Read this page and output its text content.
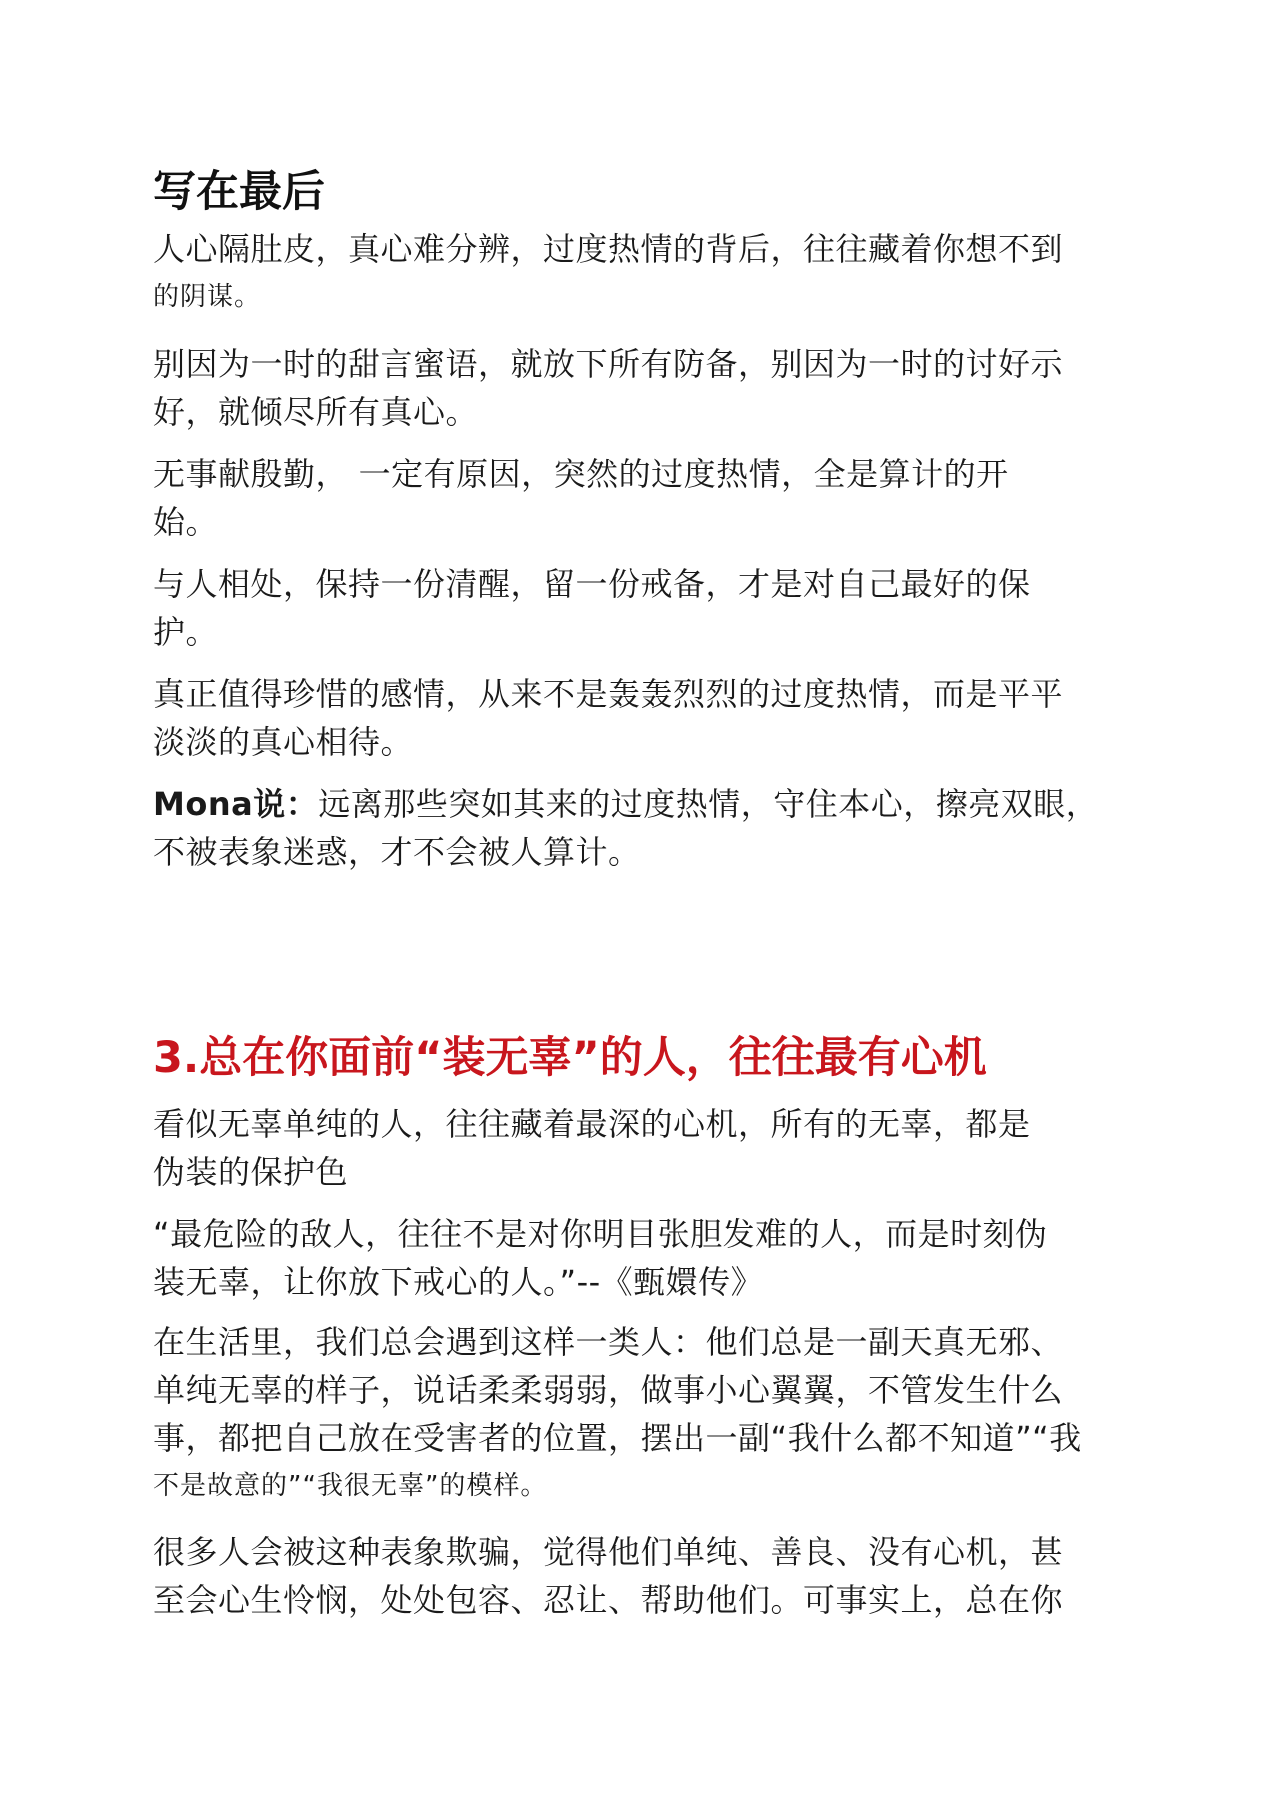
写在最后

人心隔肚皮，真心难分辨，过度热情的背后，往往藏着你想不到
的阴谋。

别因为一时的甜言蜜语，就放下所有防备，别因为一时的讨好示
好，就倾尽所有真心。

无事献殷勤， 一定有原因，突然的过度热情，全是算计的开
始。

与人相处，保持一份清醒，留一份戒备，才是对自己最好的保
护。

真正值得珍惜的感情，从来不是轰轰烈烈的过度热情，而是平平
淡淡的真心相待。

Mona说：远离那些突如其来的过度热情，守住本心，擦亮双眼，
不被表象迷惑，才不会被人算计。

3.总在你面前“装无辜”的人，往往最有心机

看似无辜单纯的人，往往藏着最深的心机，所有的无辜，都是
伪装的保护色

“最危险的敌人，往往不是对你明目张胆发难的人，而是时刻伪
装无辜，让你放下戒心的人。”--《甄嬛传》

在生活里，我们总会遇到这样一类人：他们总是一副天真无邪、
单纯无辜的样子，说话柔柔弱弱，做事小心翼翼，不管发生什么
事，都把自己放在受害者的位置，摆出一副“我什么都不知道”“我
不是故意的”“我很无辜”的模样。

很多人会被这种表象欺骗，觉得他们单纯、善良、没有心机，甚
至会心生怜悯，处处包容、忍让、帮助他们。可事实上，总在你
